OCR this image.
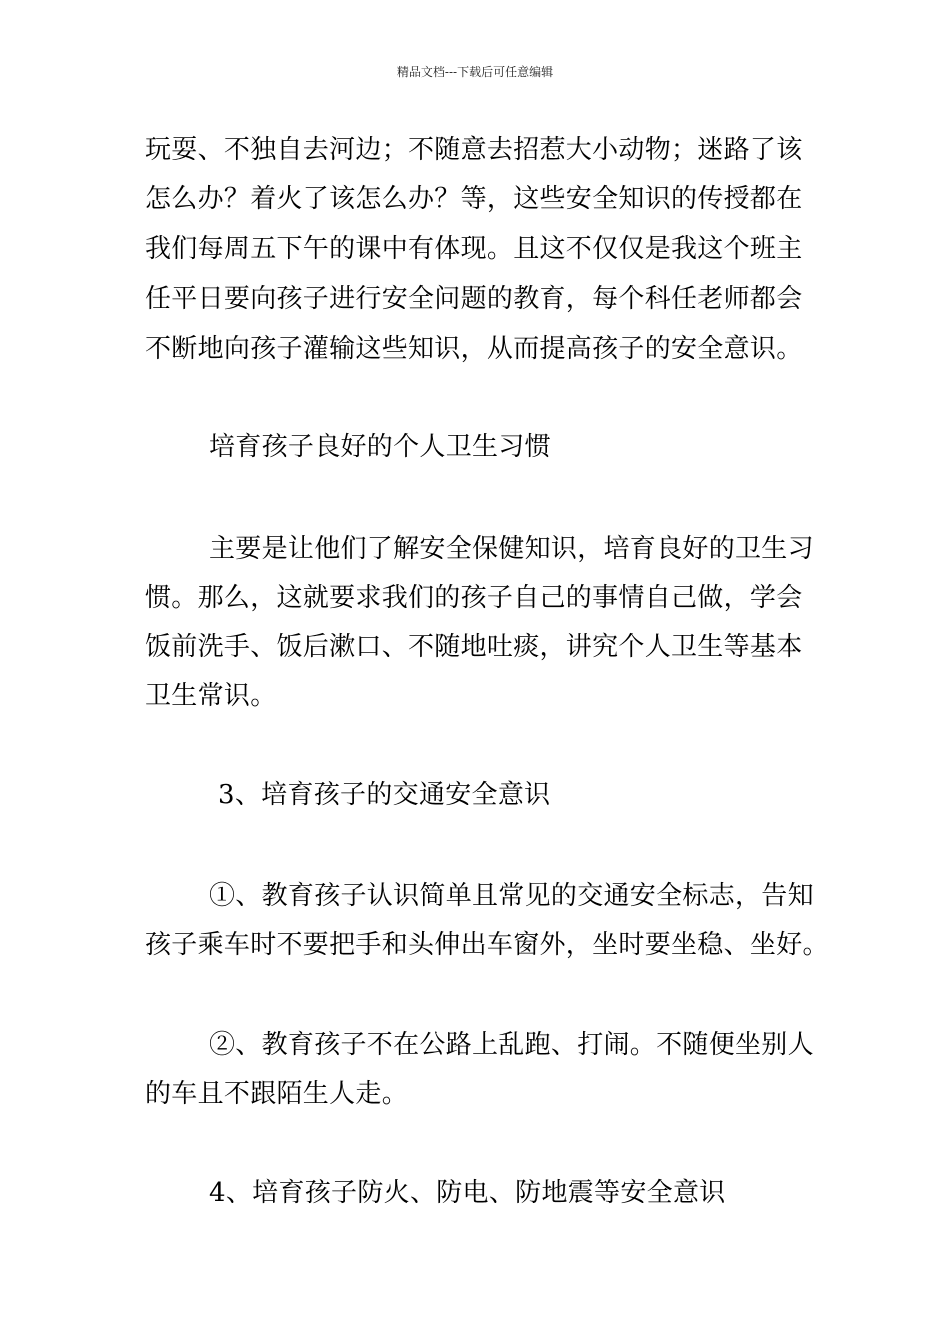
精品文档---下载后可任意编辑
玩耍、不独自去河边；不随意去招惹大小动物；迷路了该
怎么办？着火了该怎么办？等，这些安全知识的传授都在
我们每周五下午的课中有体现。且这不仅仅是我这个班主
任平日要向孩子进行安全问题的教育，每个科任老师都会
不断地向孩子灌输这些知识，从而提高孩子的安全意识。
培育孩子良好的个人卫生习惯
主要是让他们了解安全保健知识，培育良好的卫生习
惯。那么，这就要求我们的孩子自己的事情自己做，学会
饭前洗手、饭后漱口、不随地吐痰，讲究个人卫生等基本
卫生常识。
3、培育孩子的交通安全意识
①、教育孩子认识简单且常见的交通安全标志，告知
孩子乘车时不要把手和头伸出车窗外，坐时要坐稳、坐好。
②、教育孩子不在公路上乱跑、打闹。不随便坐别人
的车且不跟陌生人走。
4、培育孩子防火、防电、防地震等安全意识
